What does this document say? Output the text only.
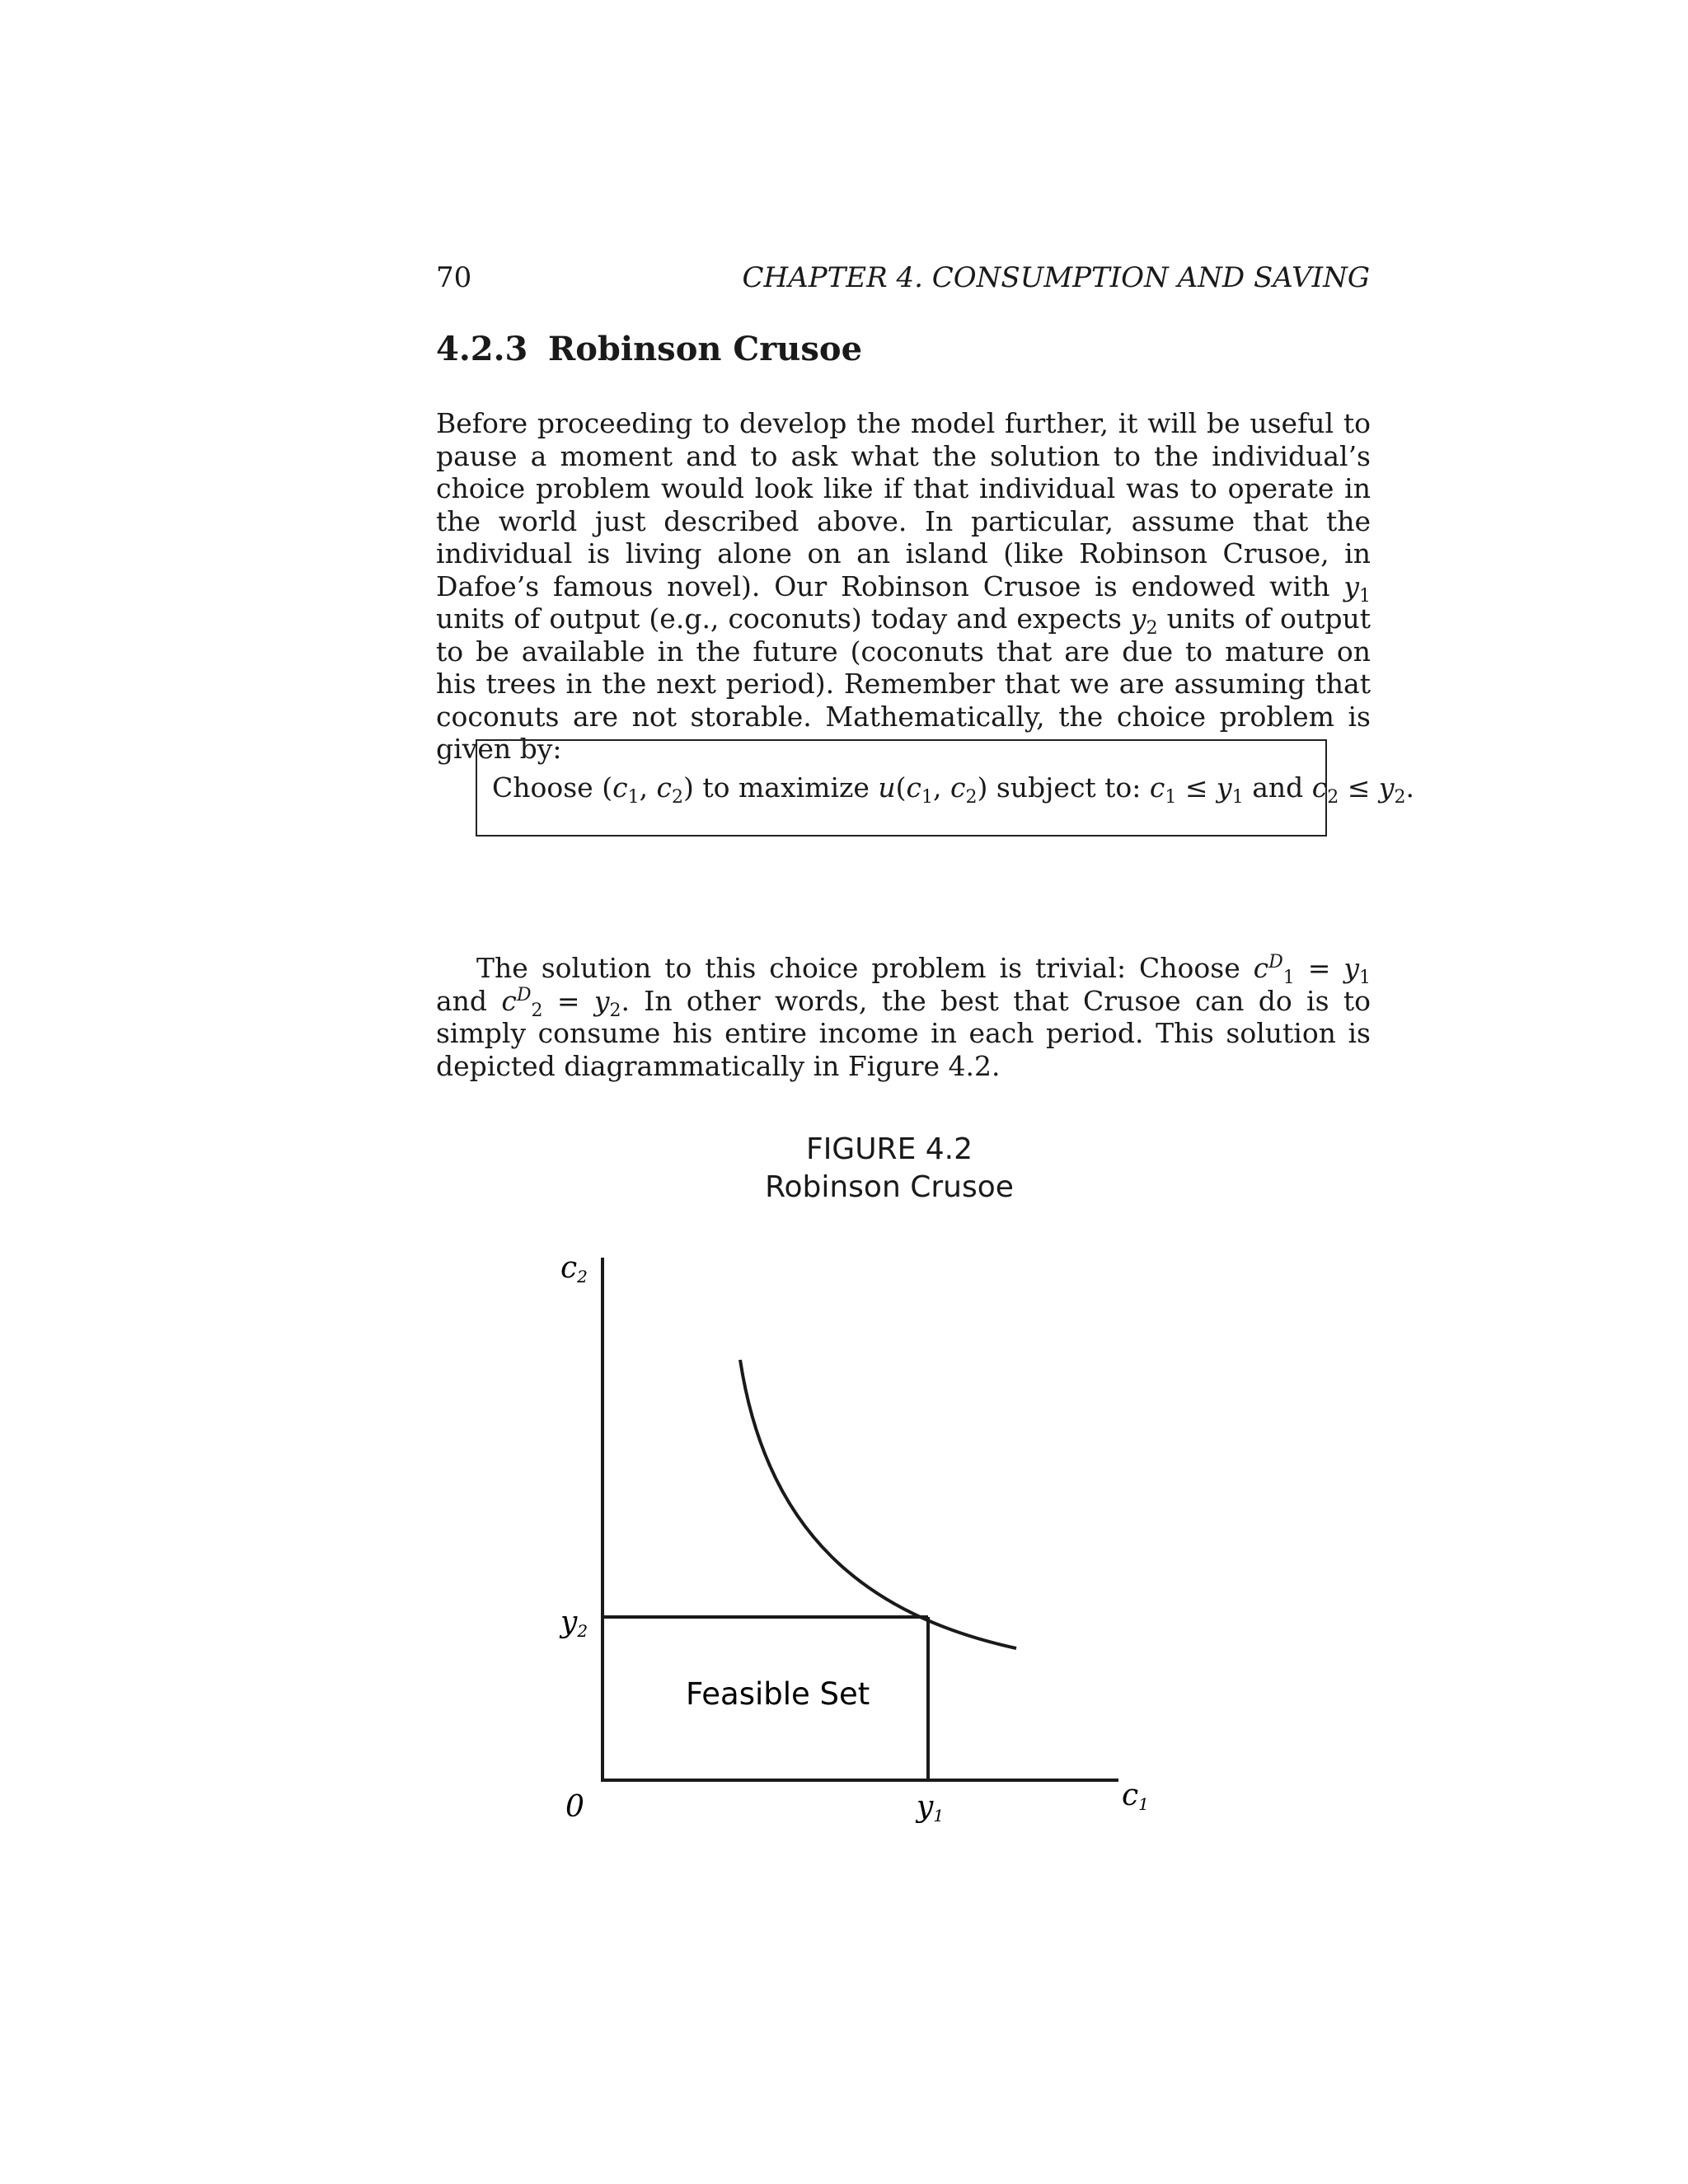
70	CHAPTER 4. CONSUMPTION AND SAVING
4.2.3 Robinson Crusoe
Before proceeding to develop the model further, it will be useful to pause a moment and to ask what the solution to the individual’s choice problem would look like if that individual was to operate in the world just described above. In particular, assume that the individual is living alone on an island (like Robinson Crusoe, in Dafoe’s famous novel). Our Robinson Crusoe is endowed with $y_1$ units of output (e.g., coconuts) today and expects $y_2$ units of output to be available in the future (coconuts that are due to mature on his trees in the next period). Remember that we are assuming that coconuts are not storable. Mathematically, the choice problem is given by:
Choose ($c_1$, $c_2$) to maximize $u(c_1$, $c_2$) subject to: $c_1 \le y_1$ and $c_2 \le y_2$.
The solution to this choice problem is trivial: Choose $c^D_1 = y_1$ and $c^D_2 = y_2$. In other words, the best that Crusoe can do is to simply consume his entire income in each period. This solution is depicted diagrammatically in Figure 4.2.
FIGURE 4.2
Robinson Crusoe
c2
y2
0	y1
c1
Feasible Set
